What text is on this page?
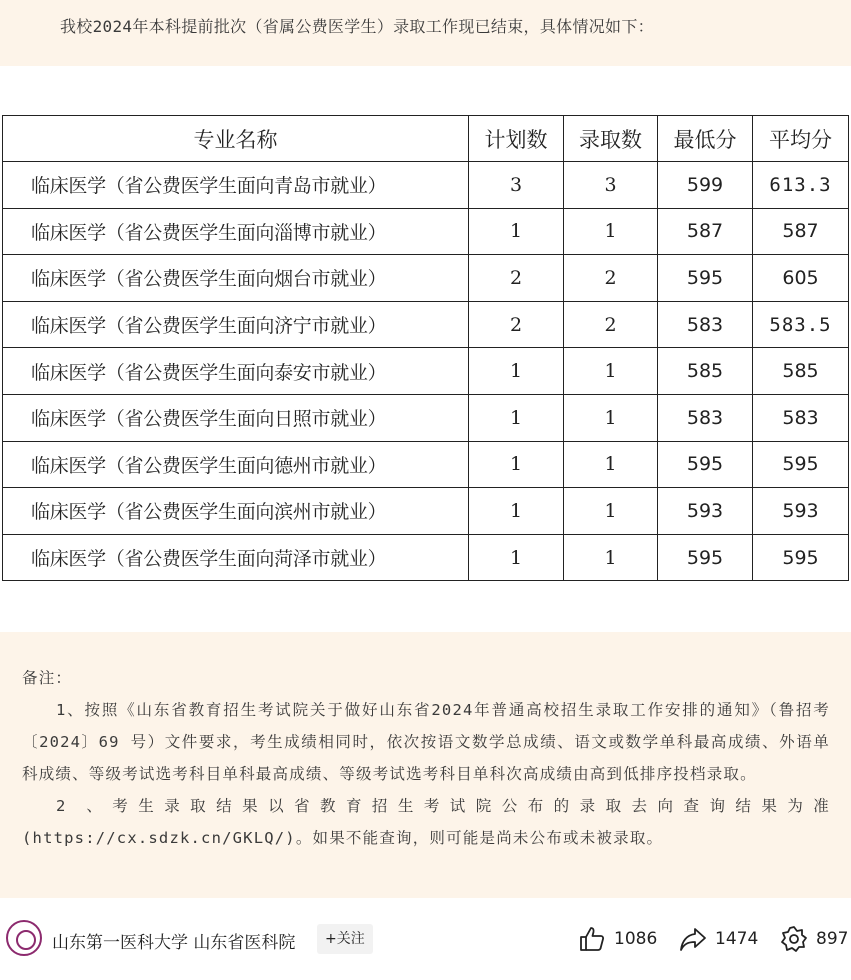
我校2024年本科提前批次（省属公费医学生）录取工作现已结束，具体情况如下：
专业名称	计划数	录取数	最低分	平均分
临床医学（省公费医学生面向青岛市就业）	3	3	599	613.3
临床医学（省公费医学生面向淄博市就业）	1	1	587	587
临床医学（省公费医学生面向烟台市就业）	2	2	595	605
临床医学（省公费医学生面向济宁市就业）	2	2	583	583.5
临床医学（省公费医学生面向泰安市就业）	1	1	585	585
临床医学（省公费医学生面向日照市就业）	1	1	583	583
临床医学（省公费医学生面向德州市就业）	1	1	595	595
临床医学（省公费医学生面向滨州市就业）	1	1	593	593
临床医学（省公费医学生面向菏泽市就业）	1	1	595	595

备注：

1、按照《山东省教育招生考试院关于做好山东省2024年普通高校招生录取工作安排的通知》（鲁招考〔2024〕69 号）文件要求，考生成绩相同时，依次按语文数学总成绩、语文或数学单科最高成绩、外语单科成绩、等级考试选考科目单科最高成绩、等级考试选考科目单科次高成绩由高到低排序投档录取。

2 、考生录取结果以省教育招生考试院公布的录取去向查询结果为准(https://cx.sdzk.cn/GKLQ/)。如果不能查询，则可能是尚未公布或未被录取。

山东第一医科大学 山东省医科院	+关注	1086	1474	897
